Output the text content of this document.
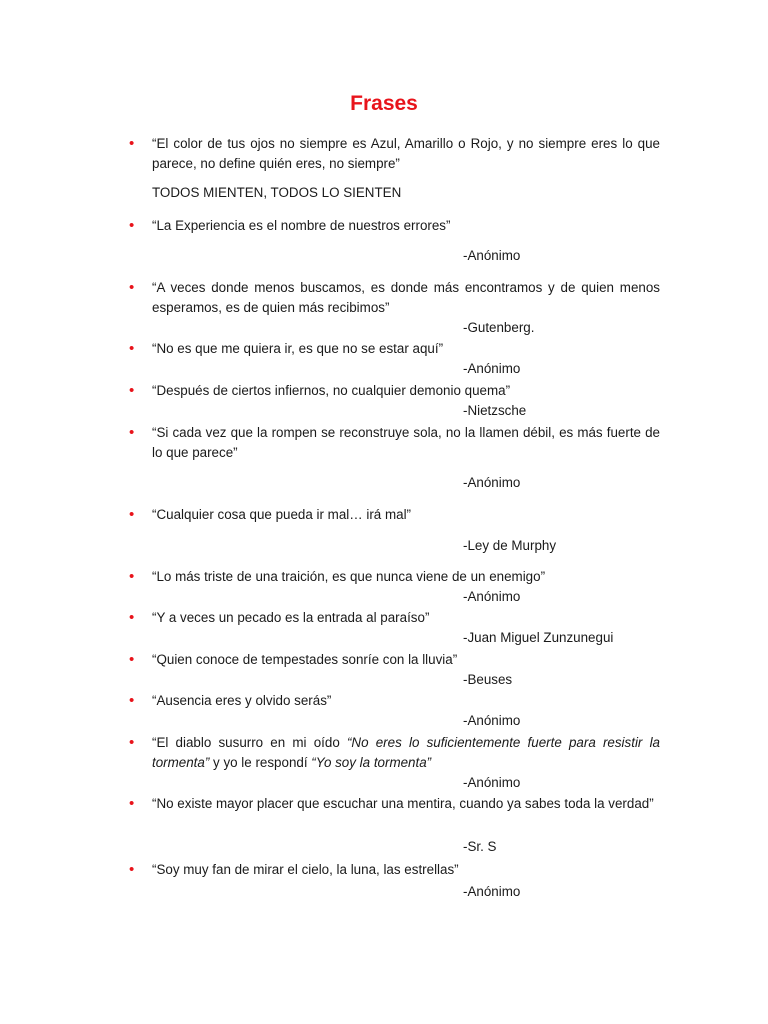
Frases
• “El color de tus ojos no siempre es Azul, Amarillo o Rojo, y no siempre eres lo que parece, no define quién eres, no siempre”
TODOS MIENTEN, TODOS LO SIENTEN
• “La Experiencia es el nombre de nuestros errores”
-Anónimo
• “A veces donde menos buscamos, es donde más encontramos y de quien menos esperamos, es de quien más recibimos”
-Gutenberg.
• “No es que me quiera ir, es que no se estar aquí”
-Anónimo
• “Después de ciertos infiernos, no cualquier demonio quema”
-Nietzsche
• “Si cada vez que la rompen se reconstruye sola, no la llamen débil, es más fuerte de lo que parece”
-Anónimo
• “Cualquier cosa que pueda ir mal… irá mal”
-Ley de Murphy
• “Lo más triste de una traición, es que nunca viene de un enemigo”
-Anónimo
• “Y a veces un pecado es la entrada al paraíso”
-Juan Miguel Zunzunegui
• “Quien conoce de tempestades sonríe con la lluvia”
-Beuses
• “Ausencia eres y olvido serás”
-Anónimo
• “El diablo susurro en mi oído “No eres lo suficientemente fuerte para resistir la tormenta” y yo le respondí “Yo soy la tormenta”
-Anónimo
• “No existe mayor placer que escuchar una mentira, cuando ya sabes toda la verdad”
-Sr. S
• “Soy muy fan de mirar el cielo, la luna, las estrellas”
-Anónimo
